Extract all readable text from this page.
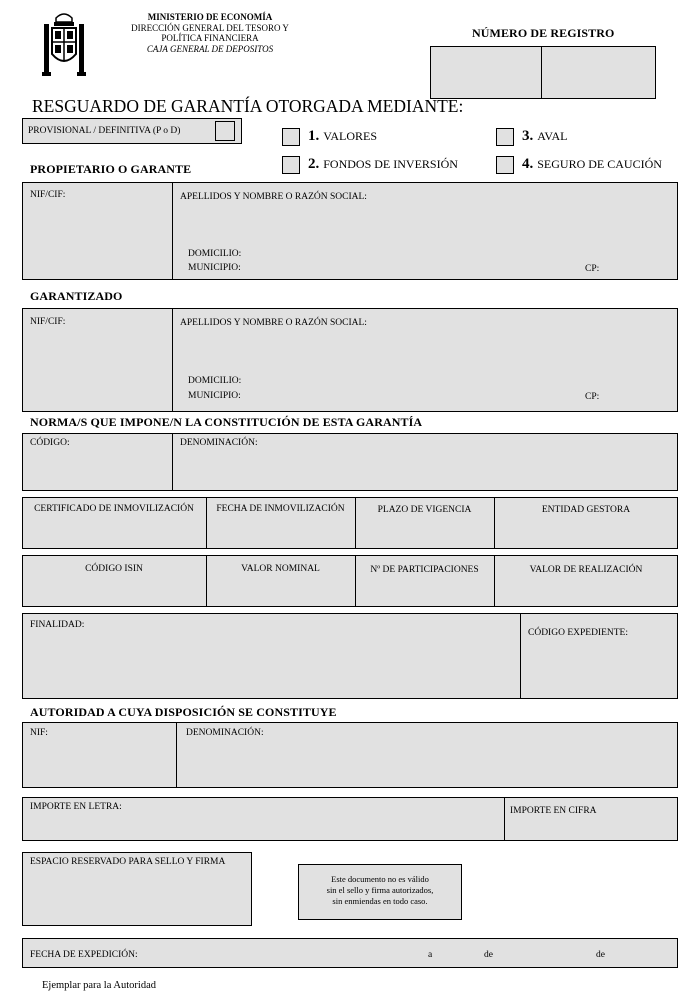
MINISTERIO DE ECONOMÍA
DIRECCIÓN GENERAL DEL TESORO Y
POLÍTICA FINANCIERA
CAJA GENERAL DE DEPOSITOS
NÚMERO DE REGISTRO
RESGUARDO DE GARANTÍA OTORGADA MEDIANTE:
PROVISIONAL / DEFINITIVA (P o D)	1. VALORES
2. FONDOS DE INVERSIÓN
3. AVAL
4. SEGURO DE CAUCIÓN
PROPIETARIO O GARANTE
NIF/CIF:	APELLIDOS Y NOMBRE O RAZÓN SOCIAL:
DOMICILIO:
MUNICIPIO:	CP:
GARANTIZADO
NIF/CIF:	APELLIDOS Y NOMBRE O RAZÓN SOCIAL:
DOMICILIO:
MUNICIPIO:	CP:
NORMA/S QUE IMPONE/N LA CONSTITUCIÓN DE ESTA GARANTÍA
CÓDIGO:	DENOMINACIÓN:
CERTIFICADO DE INMOVILIZACIÓN	FECHA DE INMOVILIZACIÓN	PLAZO DE VIGENCIA	ENTIDAD GESTORA
CÓDIGO ISIN	VALOR NOMINAL	Nº DE PARTICIPACIONES	VALOR DE REALIZACIÓN
FINALIDAD:
CÓDIGO EXPEDIENTE:
AUTORIDAD A CUYA DISPOSICIÓN SE CONSTITUYE
NIF:	DENOMINACIÓN:
IMPORTE EN LETRA:	IMPORTE EN CIFRA
ESPACIO RESERVADO PARA SELLO Y FIRMA
Este documento no es válido
sin el sello y firma autorizados,
sin enmiendas en todo caso.
FECHA DE EXPEDICIÓN:	a	de	de
Ejemplar para la Autoridad
